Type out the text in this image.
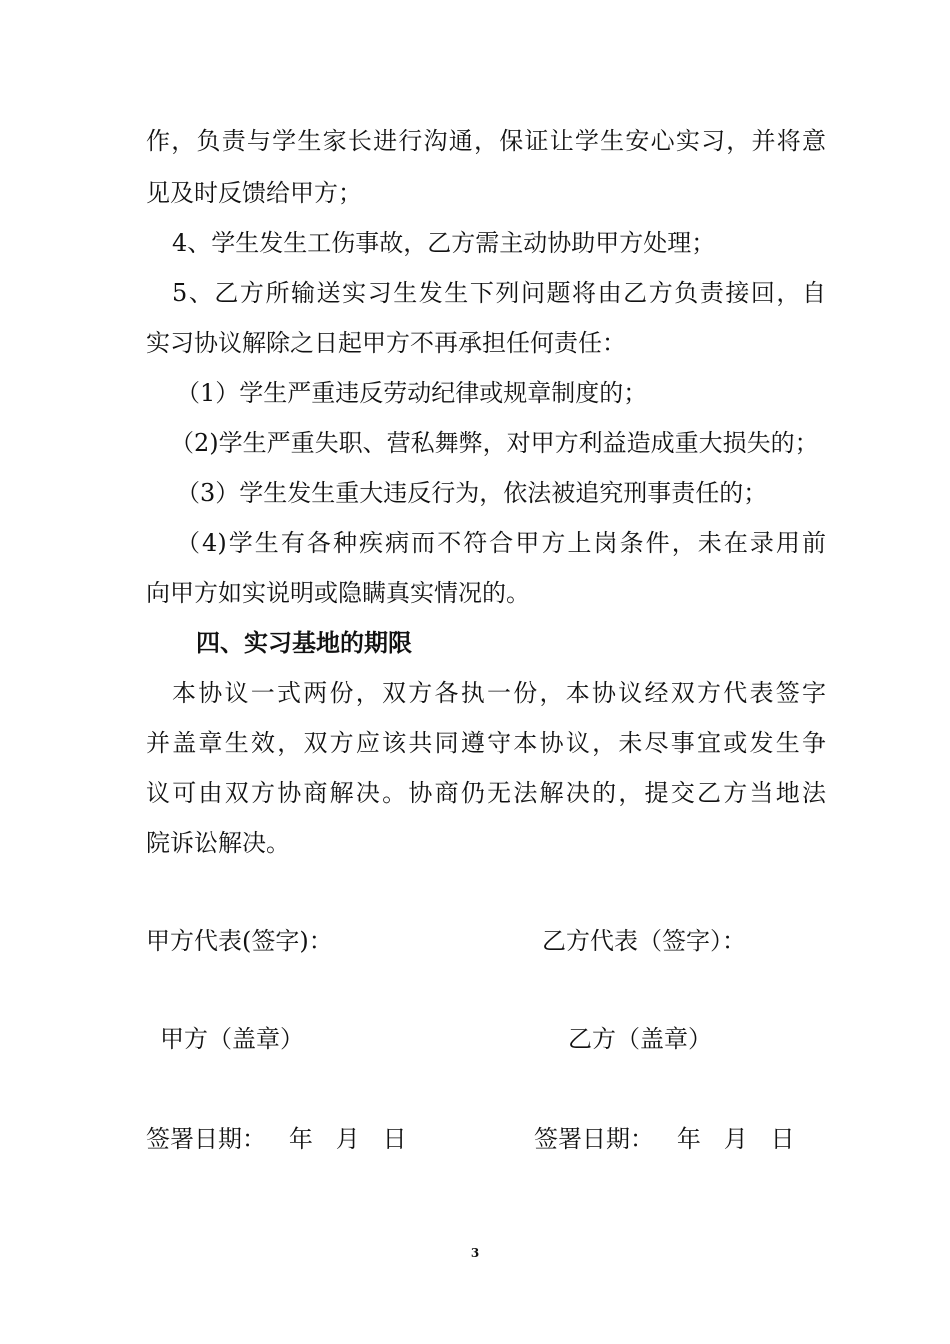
作，负责与学生家长进行沟通，保证让学生安心实习，并将意
见及时反馈给甲方；
4、学生发生工伤事故，乙方需主动协助甲方处理；
5、乙方所输送实习生发生下列问题将由乙方负责接回，自
实习协议解除之日起甲方不再承担任何责任：
（1）学生严重违反劳动纪律或规章制度的；
（2)学生严重失职、营私舞弊，对甲方利益造成重大损失的；
（3）学生发生重大违反行为，依法被追究刑事责任的；
（4)学生有各种疾病而不符合甲方上岗条件，未在录用前
向甲方如实说明或隐瞒真实情况的。
四、实习基地的期限
本协议一式两份，双方各执一份，本协议经双方代表签字
并盖章生效，双方应该共同遵守本协议，未尽事宜或发生争
议可由双方协商解决。协商仍无法解决的，提交乙方当地法
院诉讼解决。
甲方代表(签字)：	乙方代表（签字）：
甲方（盖章）	乙方（盖章）
签署日期：   年   月   日	签署日期：   年   月   日
3
